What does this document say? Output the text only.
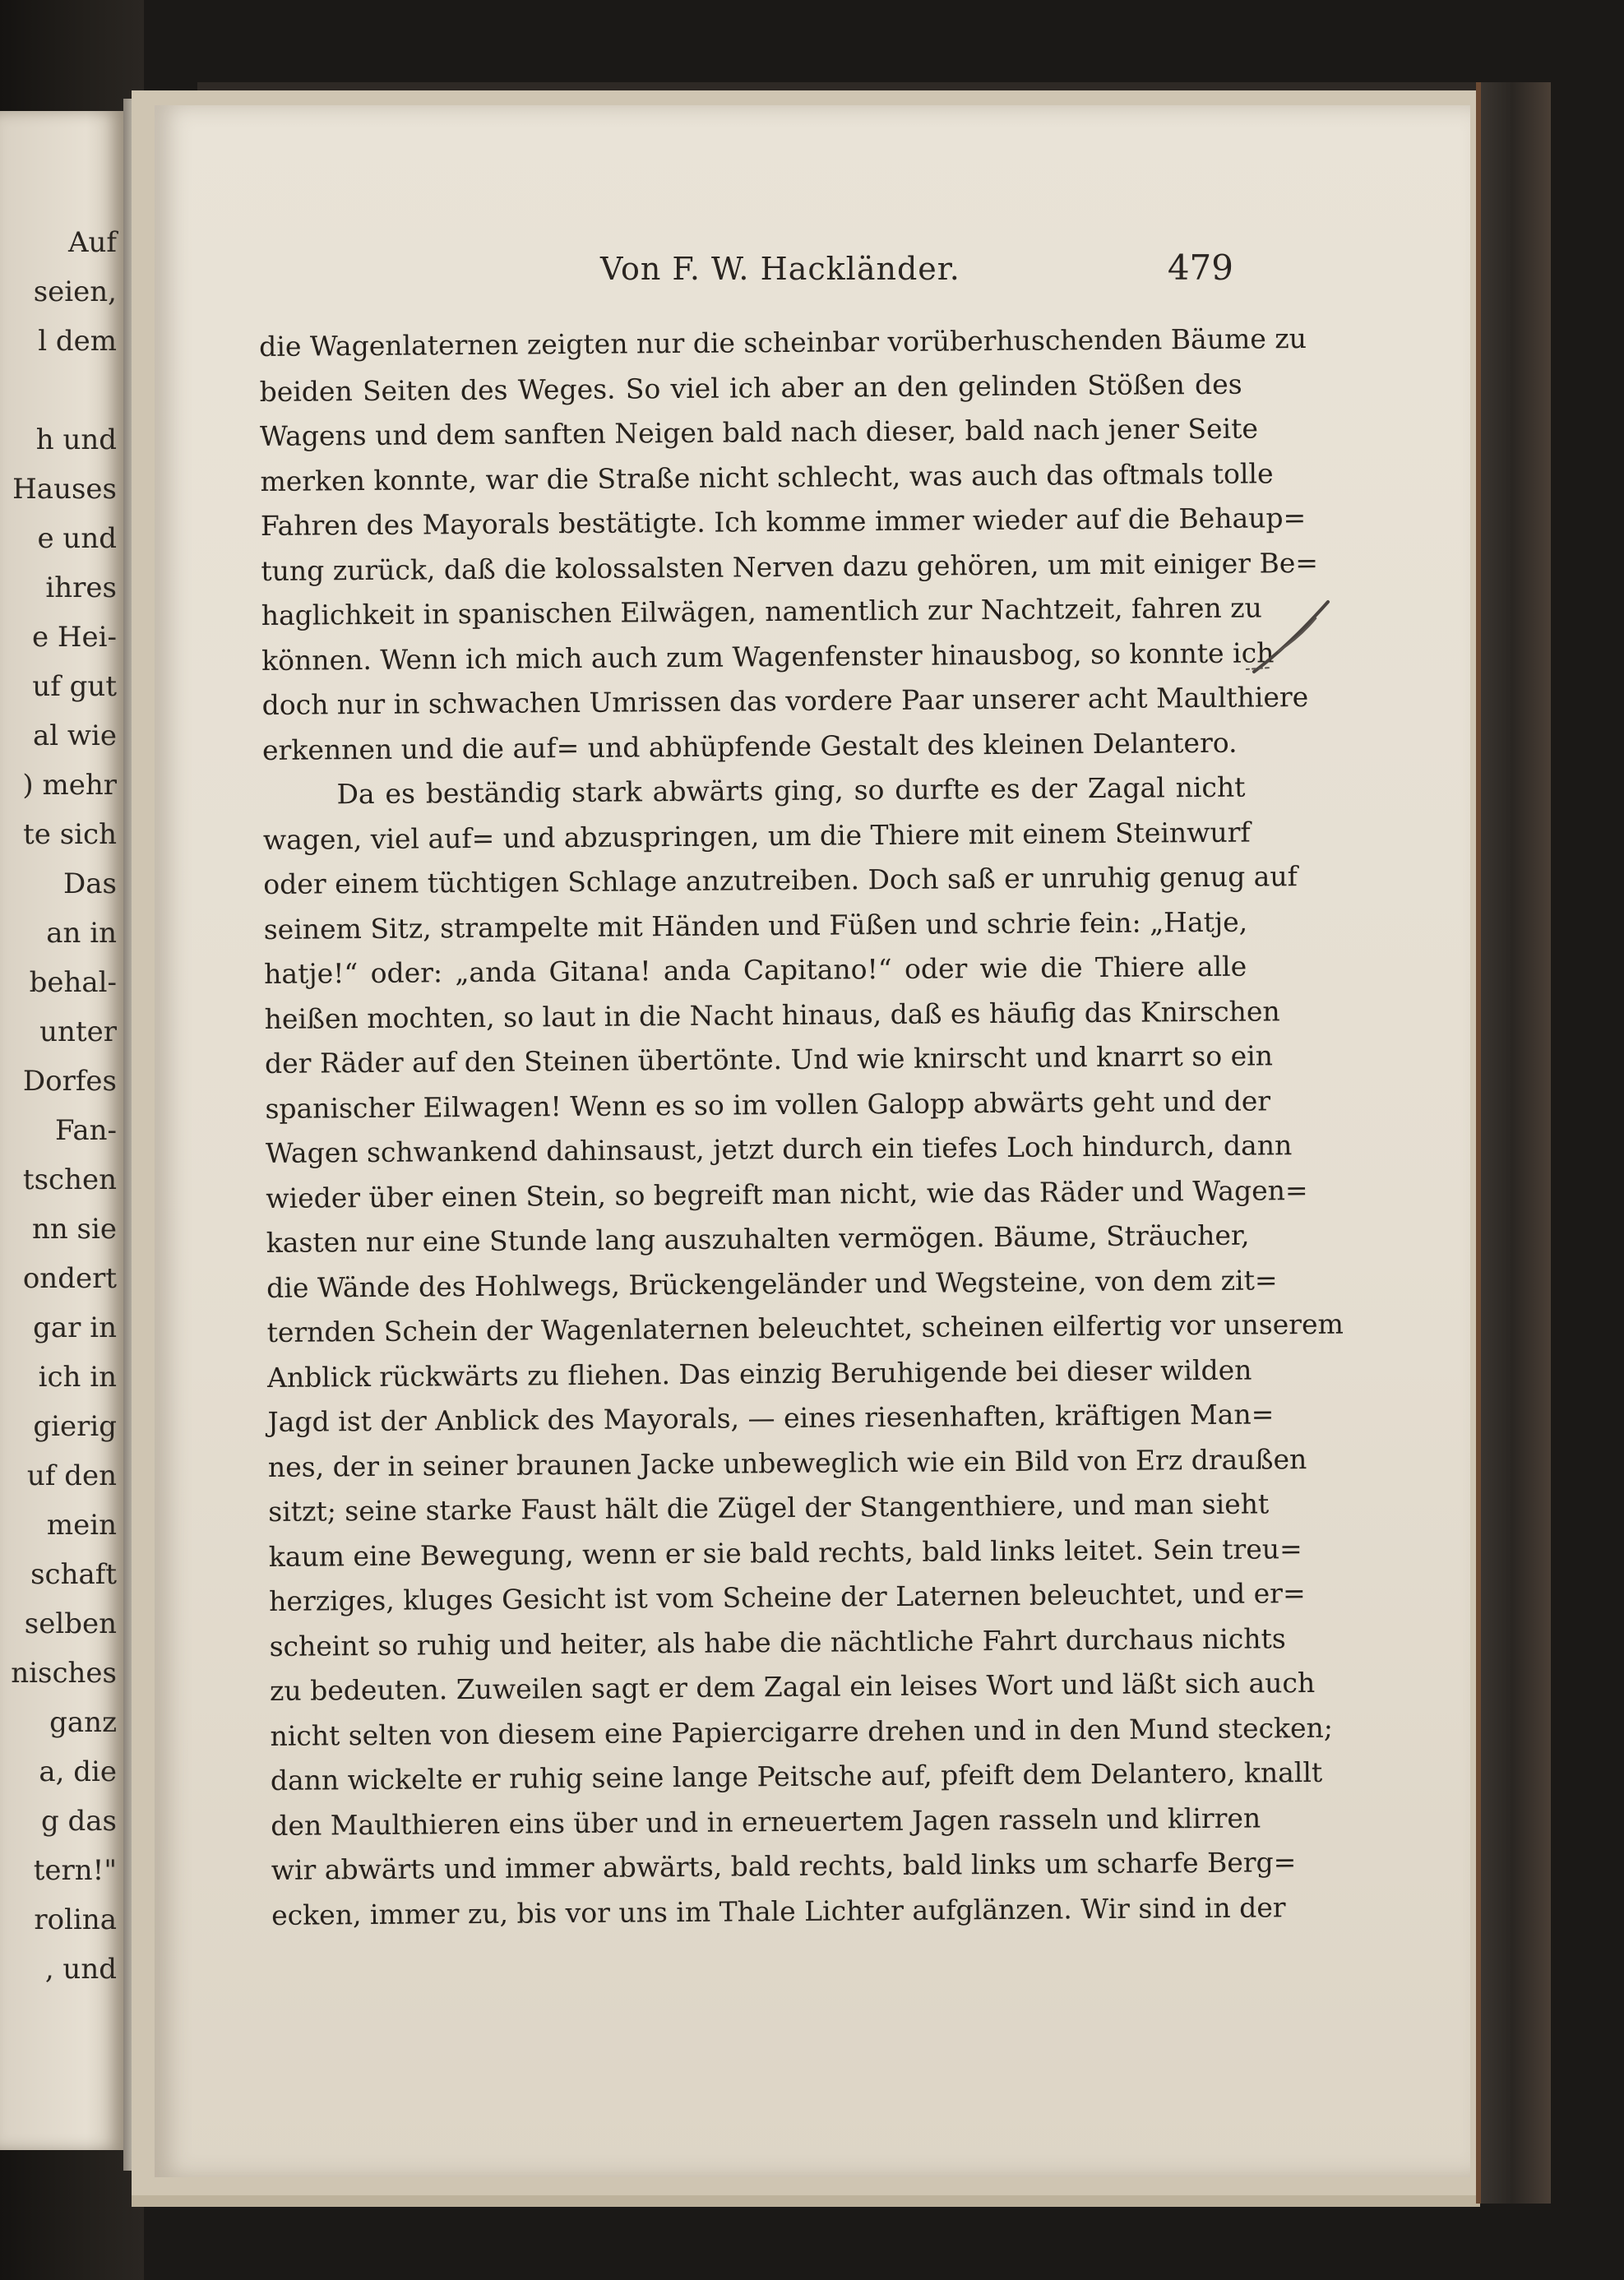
Auf
seien,
l dem
h und
Hauses
e und
ihres
e Hei-
uf gut
al wie
) mehr
te sich
Das
an in
behal-
unter
Dorfes
Fan-
tschen
nn sie
ondert
gar in
ich in
gierig
uf den
mein
schaft
selben
nisches
ganz
a, die
g das
tern!"
rolina
, und
Von F. W. Hackländer.	479
die Wagenlaternen zeigten nur die scheinbar vorüberhuschenden Bäume zu
beiden Seiten des Weges. So viel ich aber an den gelinden Stößen des
Wagens und dem sanften Neigen bald nach dieser, bald nach jener Seite
merken konnte, war die Straße nicht schlecht, was auch das oftmals tolle
Fahren des Mayorals bestätigte. Ich komme immer wieder auf die Behaup=
tung zurück, daß die kolossalsten Nerven dazu gehören, um mit einiger Be=
haglichkeit in spanischen Eilwägen, namentlich zur Nachtzeit, fahren zu
können. Wenn ich mich auch zum Wagenfenster hinausbog, so konnte ich
doch nur in schwachen Umrissen das vordere Paar unserer acht Maulthiere
erkennen und die auf= und abhüpfende Gestalt des kleinen Delantero.
Da es beständig stark abwärts ging, so durfte es der Zagal nicht
wagen, viel auf= und abzuspringen, um die Thiere mit einem Steinwurf
oder einem tüchtigen Schlage anzutreiben. Doch saß er unruhig genug auf
seinem Sitz, strampelte mit Händen und Füßen und schrie fein: „Hatje,
hatje!“ oder: „anda Gitana! anda Capitano!“ oder wie die Thiere alle
heißen mochten, so laut in die Nacht hinaus, daß es häufig das Knirschen
der Räder auf den Steinen übertönte. Und wie knirscht und knarrt so ein
spanischer Eilwagen! Wenn es so im vollen Galopp abwärts geht und der
Wagen schwankend dahinsaust, jetzt durch ein tiefes Loch hindurch, dann
wieder über einen Stein, so begreift man nicht, wie das Räder und Wagen=
kasten nur eine Stunde lang auszuhalten vermögen. Bäume, Sträucher,
die Wände des Hohlwegs, Brückengeländer und Wegsteine, von dem zit=
ternden Schein der Wagenlaternen beleuchtet, scheinen eilfertig vor unserem
Anblick rückwärts zu fliehen. Das einzig Beruhigende bei dieser wilden
Jagd ist der Anblick des Mayorals, — eines riesenhaften, kräftigen Man=
nes, der in seiner braunen Jacke unbeweglich wie ein Bild von Erz draußen
sitzt; seine starke Faust hält die Zügel der Stangenthiere, und man sieht
kaum eine Bewegung, wenn er sie bald rechts, bald links leitet. Sein treu=
herziges, kluges Gesicht ist vom Scheine der Laternen beleuchtet, und er=
scheint so ruhig und heiter, als habe die nächtliche Fahrt durchaus nichts
zu bedeuten. Zuweilen sagt er dem Zagal ein leises Wort und läßt sich auch
nicht selten von diesem eine Papiercigarre drehen und in den Mund stecken;
dann wickelte er ruhig seine lange Peitsche auf, pfeift dem Delantero, knallt
den Maulthieren eins über und in erneuertem Jagen rasseln und klirren
wir abwärts und immer abwärts, bald rechts, bald links um scharfe Berg=
ecken, immer zu, bis vor uns im Thale Lichter aufglänzen. Wir sind in der
